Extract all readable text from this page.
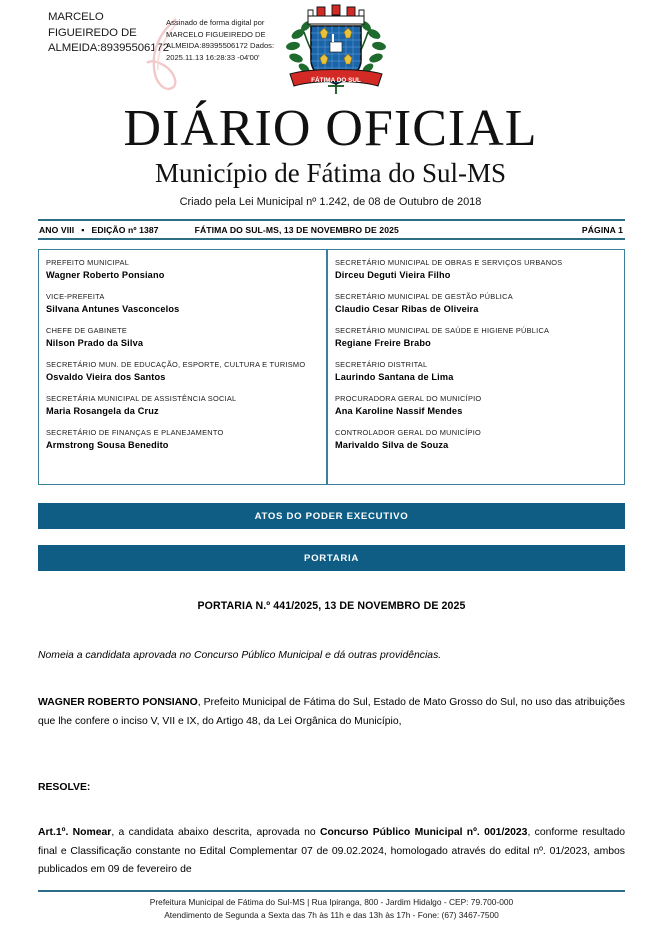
MARCELO FIGUEIREDO DE ALMEIDA:89395506172
Assinado de forma digital por MARCELO FIGUEIREDO DE ALMEIDA:89395506172 Dados: 2025.11.13 16:28:33 -04'00'
FÁTIMA DO SUL
DIÁRIO OFICIAL
Município de Fátima do Sul-MS
Criado pela Lei Municipal nº 1.242, de 08 de Outubro de 2018
ANO VIII ▪ EDIÇÃO nº 1387	FÁTIMA DO SUL-MS, 13 DE NOVEMBRO DE 2025	PÁGINA 1
PREFEITO MUNICIPAL
Wagner Roberto Ponsiano
VICE-PREFEITA
Silvana Antunes Vasconcelos
CHEFE DE GABINETE
Nilson Prado da Silva
SECRETÁRIO MUN. DE EDUCAÇÃO, ESPORTE, CULTURA E TURISMO
Osvaldo Vieira dos Santos
SECRETÁRIA MUNICIPAL DE ASSISTÊNCIA SOCIAL
Maria Rosangela da Cruz
SECRETÁRIO DE FINANÇAS E PLANEJAMENTO
Armstrong Sousa Benedito
SECRETÁRIO MUNICIPAL DE OBRAS E SERVIÇOS URBANOS
Dirceu Deguti Vieira Filho
SECRETÁRIO MUNICIPAL DE GESTÃO PÚBLICA
Claudio Cesar Ribas de Oliveira
SECRETÁRIO MUNICIPAL DE SAÚDE E HIGIENE PÚBLICA
Regiane Freire Brabo
SECRETÁRIO DISTRITAL
Laurindo Santana de Lima
PROCURADORA GERAL DO MUNICÍPIO
Ana Karoline Nassif Mendes
CONTROLADOR GERAL DO MUNICÍPIO
Marivaldo Silva de Souza
ATOS DO PODER EXECUTIVO
PORTARIA
PORTARIA N.º 441/2025, 13 DE NOVEMBRO DE 2025
Nomeia a candidata aprovada no Concurso Público Municipal e dá outras providências.
WAGNER ROBERTO PONSIANO, Prefeito Municipal de Fátima do Sul, Estado de Mato Grosso do Sul, no uso das atribuições que lhe confere o inciso V, VII e IX, do Artigo 48, da Lei Orgânica do Município,
RESOLVE:
Art.1º. Nomear, a candidata abaixo descrita, aprovada no Concurso Público Municipal nº. 001/2023, conforme resultado final e Classificação constante no Edital Complementar 07 de 09.02.2024, homologado através do edital nº. 01/2023, ambos publicados em 09 de fevereiro de
Prefeitura Municipal de Fátima do Sul-MS | Rua Ipiranga, 800 - Jardim Hidalgo - CEP: 79.700-000
Atendimento de Segunda a Sexta das 7h às 11h e das 13h às 17h - Fone: (67) 3467-7500
